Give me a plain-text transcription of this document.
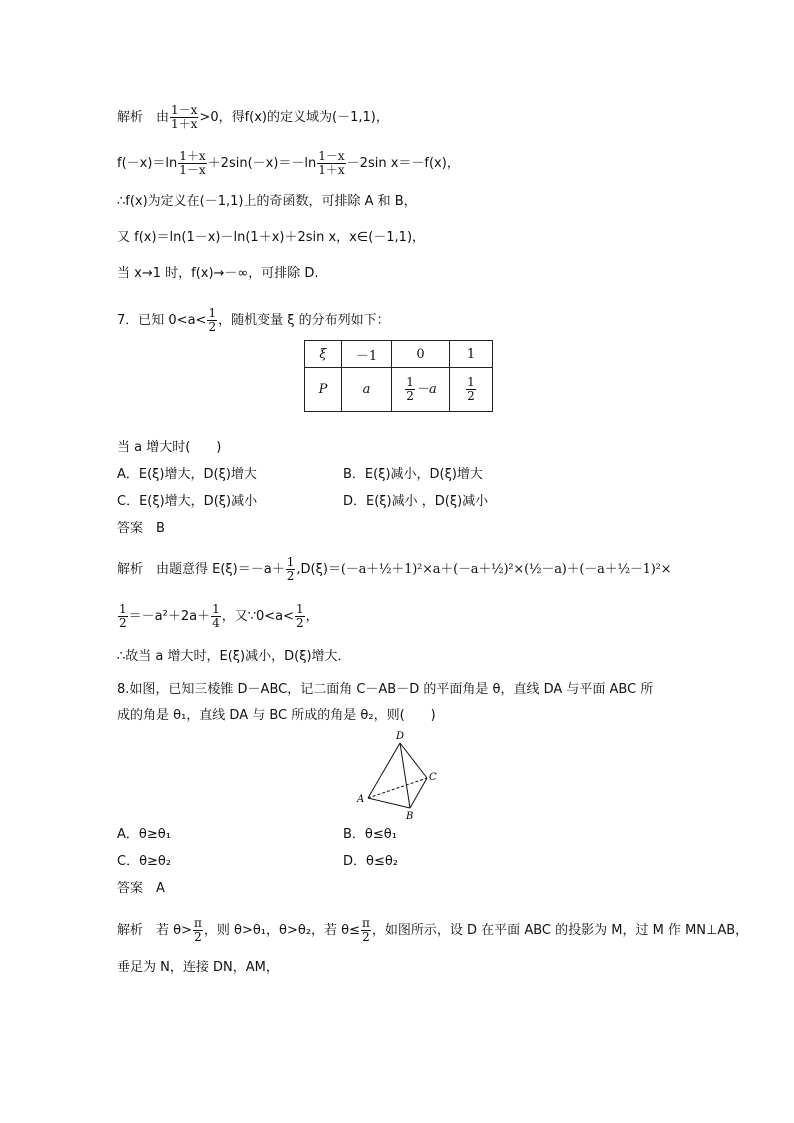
解析　由 $\frac{1-x}{1+x} >0$，得f(x)的定义域为(－1,1)，
$f(-x)=\ln \frac{1+x}{1-x} +2\sin(-x)=-\ln \frac{1-x}{1+x} -2\sin$ x＝－f(x)，
∴f(x)为定义在(－1,1)上的奇函数，可排除 A 和 B，
又 f(x)＝ln(1－x)－ln(1＋x)＋2sin x，x∈(－1,1)，
当 x→1 时，f(x)→－∞，可排除 D.
7．已知 $0<a< \frac{1}{2}$ ，随机变量 ξ 的分布列如下：
ξ	－1	0	1
P	a	$\frac{1}{2} -a$	$\frac{1}{2}$
当 a 增大时(　　)
A．E(ξ)增大，D(ξ)增大	B．E(ξ)减小，D(ξ)增大
C．E(ξ)增大，D(ξ)减小	D．E(ξ)减小 ，D(ξ)减小
答案　B
解析　由题意得 $E(\xi)=-a+ \frac{1}{2}$ ,D(ξ)＝(－a＋½＋1)²×a＋(－a＋½)²×(½－a)＋(－a＋½－1)²×
$\frac{1}{2} =-a^2+2a+ \frac{1}{4}$ ，又∵0<a< $\frac{1}{2}$ ，
∴故当 a 增大时，E(ξ)减小，D(ξ)增大．
8.如图，已知三棱锥 D－ABC，记二面角 C－AB－D 的平面角是 θ，直线 DA 与平面 ABC 所
成的角是 θ₁，直线 DA 与 BC 所成的角是 θ₂，则(　　)
D
A
B
C
A．θ≥θ₁	B．θ≤θ₁
C．θ≥θ₂	D．θ≤θ₂
答案　A
解析　若 $\theta> \frac{\pi}{2}$ ，则 θ>θ₁，θ>θ₂，若 $\theta\le \frac{\pi}{2}$ ，如图所示，设 D 在平面 ABC 的投影为 M，过 M 作 MN⊥AB，
垂足为 N，连接 DN，AM，
